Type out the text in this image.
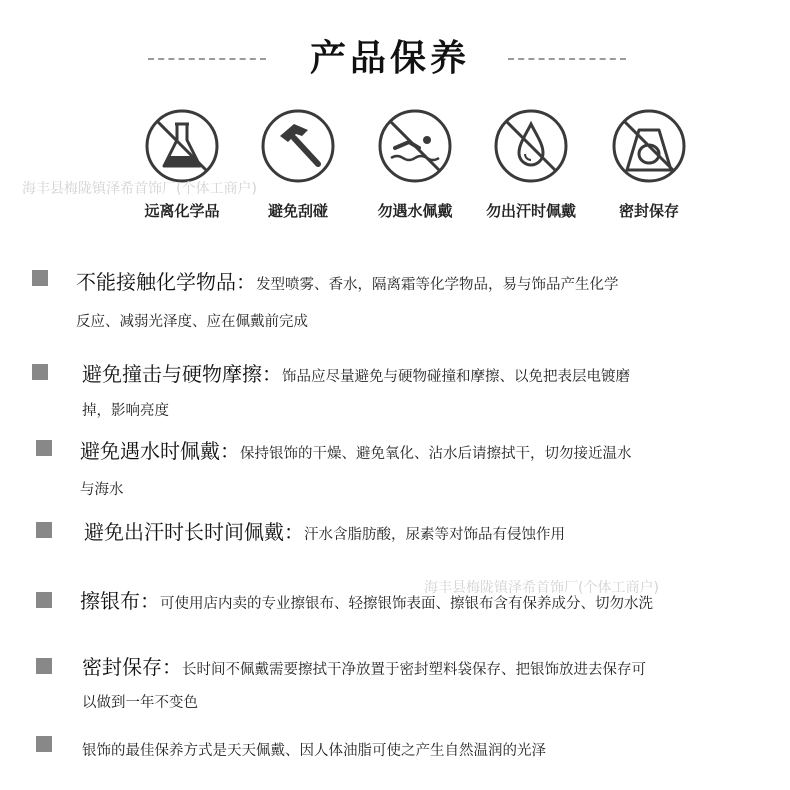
产品保养
远离化学品	避免刮碰	勿遇水佩戴	勿出汗时佩戴	密封保存
海丰县梅陇镇泽希首饰厂(个体工商户)
海丰县梅陇镇泽希首饰厂(个体工商户)
不能接触化学物品：发型喷雾、香水，隔离霜等化学物品，易与饰品产生化学
反应、减弱光泽度、应在佩戴前完成
避免撞击与硬物摩擦：饰品应尽量避免与硬物碰撞和摩擦、以免把表层电镀磨
掉，影响亮度
避免遇水时佩戴：保持银饰的干燥、避免氧化、沾水后请擦拭干，切勿接近温水
与海水
避免出汗时长时间佩戴：汗水含脂肪酸，尿素等对饰品有侵蚀作用
擦银布：可使用店内卖的专业擦银布、轻擦银饰表面、擦银布含有保养成分、切勿水洗
密封保存：长时间不佩戴需要擦拭干净放置于密封塑料袋保存、把银饰放进去保存可
以做到一年不变色
银饰的最佳保养方式是天天佩戴、因人体油脂可使之产生自然温润的光泽
